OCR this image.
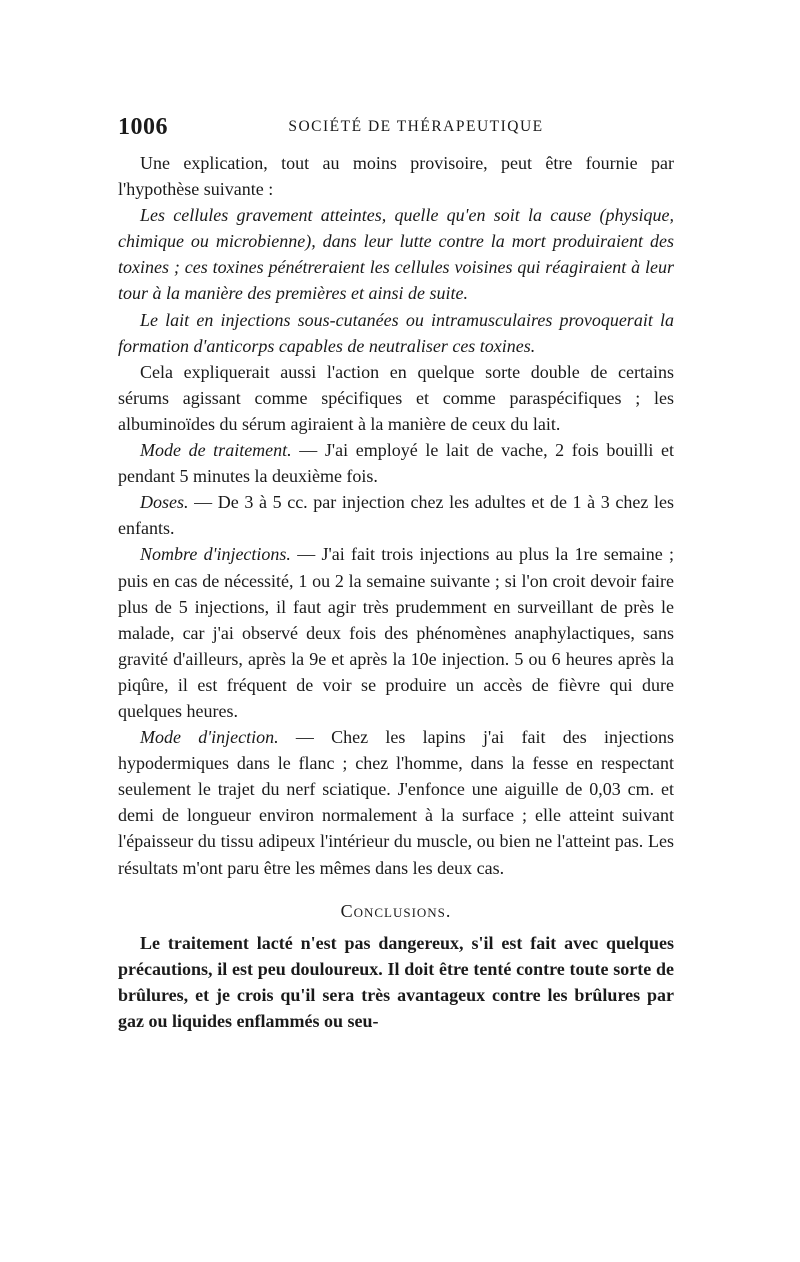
1006	SOCIÉTÉ DE THÉRAPEUTIQUE

Une explication, tout au moins provisoire, peut être fournie par l'hypothèse suivante :

Les cellules gravement atteintes, quelle qu'en soit la cause (physique, chimique ou microbienne), dans leur lutte contre la mort produiraient des toxines ; ces toxines pénétreraient les cellules voisines qui réagiraient à leur tour à la manière des premières et ainsi de suite.

Le lait en injections sous-cutanées ou intramusculaires provoquerait la formation d'anticorps capables de neutraliser ces toxines.

Cela expliquerait aussi l'action en quelque sorte double de certains sérums agissant comme spécifiques et comme paraspécifiques ; les albuminoïdes du sérum agiraient à la manière de ceux du lait.

Mode de traitement. — J'ai employé le lait de vache, 2 fois bouilli et pendant 5 minutes la deuxième fois.

Doses. — De 3 à 5 cc. par injection chez les adultes et de 1 à 3 chez les enfants.

Nombre d'injections. — J'ai fait trois injections au plus la 1re semaine ; puis en cas de nécessité, 1 ou 2 la semaine suivante ; si l'on croit devoir faire plus de 5 injections, il faut agir très prudemment en surveillant de près le malade, car j'ai observé deux fois des phénomènes anaphylactiques, sans gravité d'ailleurs, après la 9e et après la 10e injection. 5 ou 6 heures après la piqûre, il est fréquent de voir se produire un accès de fièvre qui dure quelques heures.

Mode d'injection. — Chez les lapins j'ai fait des injections hypodermiques dans le flanc ; chez l'homme, dans la fesse en respectant seulement le trajet du nerf sciatique. J'enfonce une aiguille de 0,03 cm. et demi de longueur environ normalement à la surface ; elle atteint suivant l'épaisseur du tissu adipeux l'intérieur du muscle, ou bien ne l'atteint pas. Les résultats m'ont paru être les mêmes dans les deux cas.

Conclusions.

Le traitement lacté n'est pas dangereux, s'il est fait avec quelques précautions, il est peu douloureux. Il doit être tenté contre toute sorte de brûlures, et je crois qu'il sera très avantageux contre les brûlures par gaz ou liquides enflammés ou seu-
